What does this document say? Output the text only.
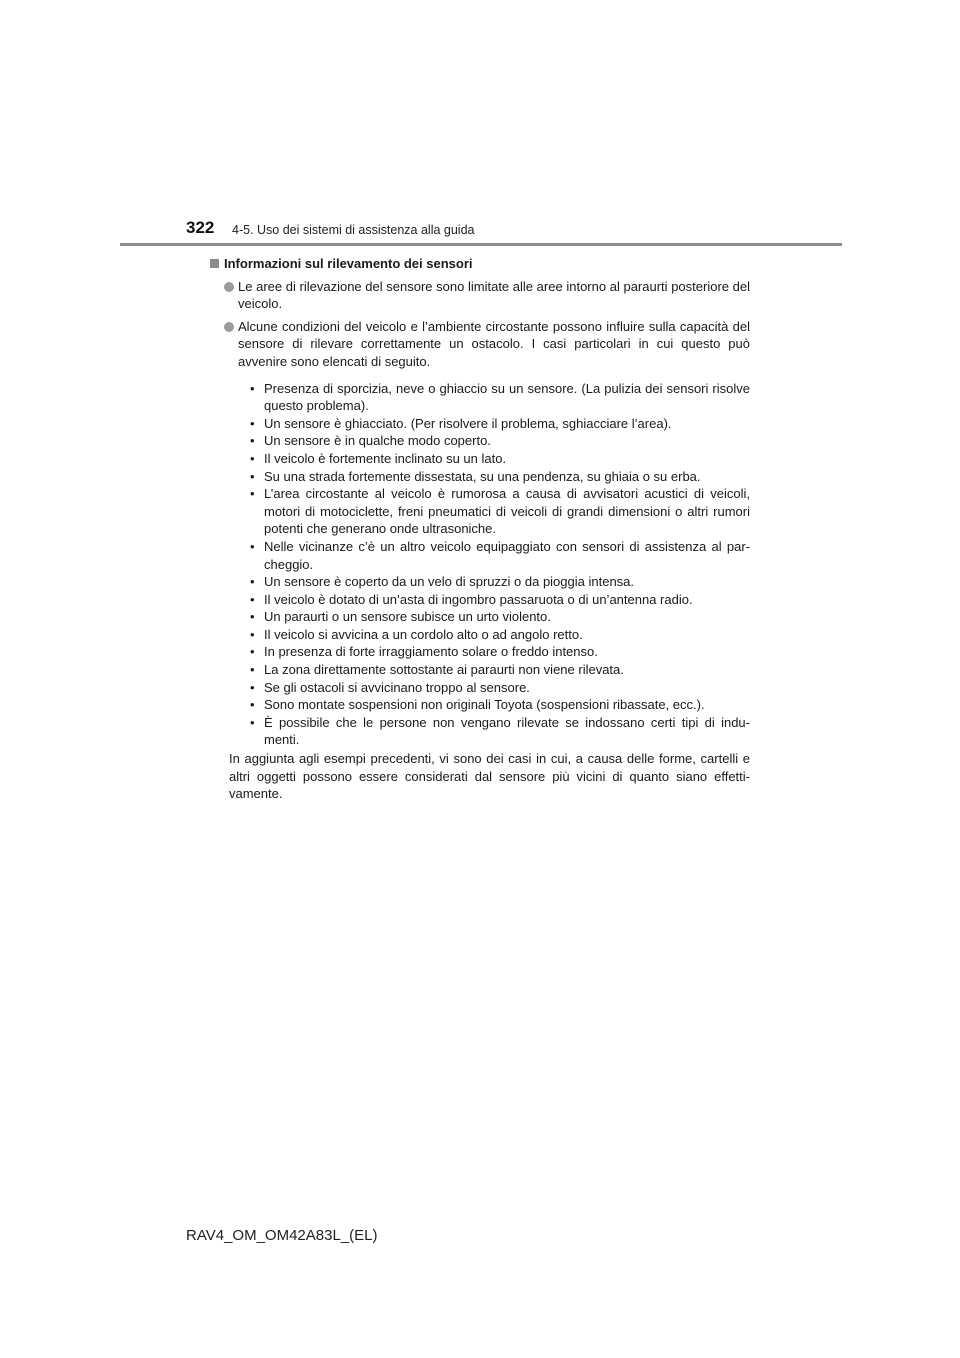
322 4-5. Uso dei sistemi di assistenza alla guida
Informazioni sul rilevamento dei sensori
Le aree di rilevazione del sensore sono limitate alle aree intorno al paraurti posteriore del veicolo.
Alcune condizioni del veicolo e l’ambiente circostante possono influire sulla capacità del sensore di rilevare correttamente un ostacolo. I casi particolari in cui questo può avvenire sono elencati di seguito.
• Presenza di sporcizia, neve o ghiaccio su un sensore. (La pulizia dei sensori risolve questo problema).
• Un sensore è ghiacciato. (Per risolvere il problema, sghiacciare l’area).
• Un sensore è in qualche modo coperto.
• Il veicolo è fortemente inclinato su un lato.
• Su una strada fortemente dissestata, su una pendenza, su ghiaia o su erba.
• L’area circostante al veicolo è rumorosa a causa di avvisatori acustici di veicoli, motori di motociclette, freni pneumatici di veicoli di grandi dimensioni o altri rumori potenti che generano onde ultrasoniche.
• Nelle vicinanze c’è un altro veicolo equipaggiato con sensori di assistenza al par-cheggio.
• Un sensore è coperto da un velo di spruzzi o da pioggia intensa.
• Il veicolo è dotato di un’asta di ingombro passaruota o di un’antenna radio.
• Un paraurti o un sensore subisce un urto violento.
• Il veicolo si avvicina a un cordolo alto o ad angolo retto.
• In presenza di forte irraggiamento solare o freddo intenso.
• La zona direttamente sottostante ai paraurti non viene rilevata.
• Se gli ostacoli si avvicinano troppo al sensore.
• Sono montate sospensioni non originali Toyota (sospensioni ribassate, ecc.).
• È possibile che le persone non vengano rilevate se indossano certi tipi di indu-menti.
In aggiunta agli esempi precedenti, vi sono dei casi in cui, a causa delle forme, cartelli e altri oggetti possono essere considerati dal sensore più vicini di quanto siano effetti-vamente.
RAV4_OM_OM42A83L_(EL)
